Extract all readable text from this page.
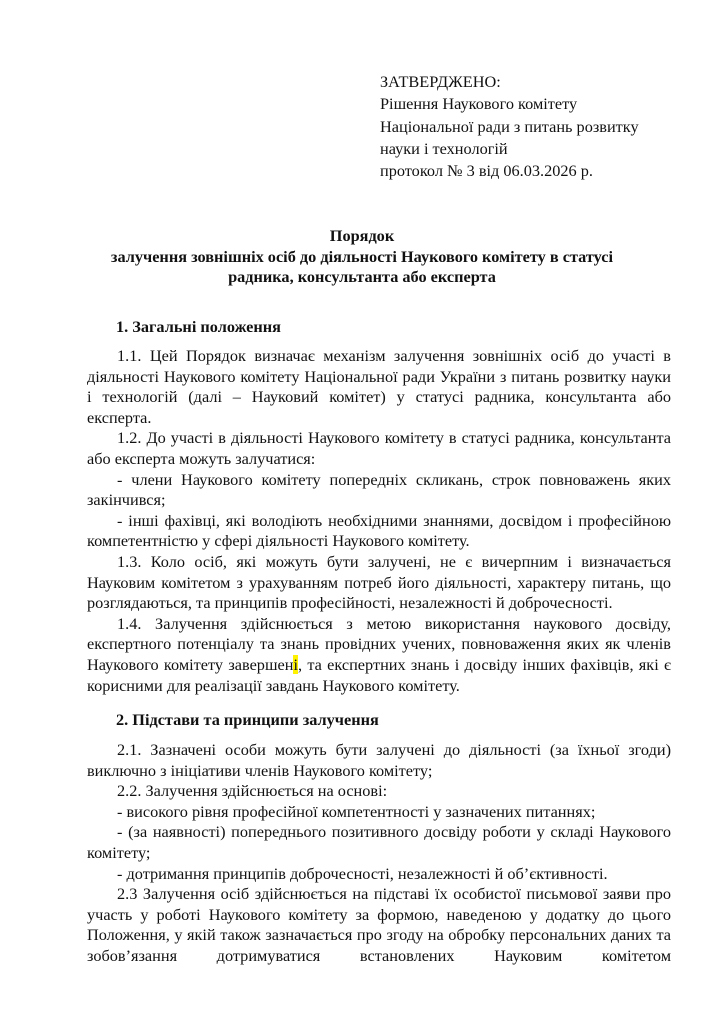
ЗАТВЕРДЖЕНО:
Рішення Наукового комітету
Національної ради з питань розвитку
науки і технологій
протокол № 3 від 06.03.2026 р.
Порядок
залучення зовнішніх осіб до діяльності Наукового комітету в статусі
радника, консультанта або експерта
1. Загальні положення

1.1. Цей Порядок визначає механізм залучення зовнішніх осіб до участі в діяльності Наукового комітету Національної ради України з питань розвитку науки і технологій (далі – Науковий комітет) у статусі радника, консультанта або експерта.

1.2. До участі в діяльності Наукового комітету в статусі радника, консультанта або експерта можуть залучатися:

- члени Наукового комітету попередніх скликань, строк повноважень яких закінчився;

- інші фахівці, які володіють необхідними знаннями, досвідом і професійною компетентністю у сфері діяльності Наукового комітету.

1.3. Коло осіб, які можуть бути залучені, не є вичерпним і визначається Науковим комітетом з урахуванням потреб його діяльності, характеру питань, що розглядаються, та принципів професійності, незалежності й доброчесності.

1.4. Залучення здійснюється з метою використання наукового досвіду, експертного потенціалу та знань провідних учених, повноваження яких як членів Наукового комітету завершені, та експертних знань і досвіду інших фахівців, які є корисними для реалізації завдань Наукового комітету.

2. Підстави та принципи залучення

2.1. Зазначені особи можуть бути залучені до діяльності (за їхньої згоди) виключно з ініціативи членів Наукового комітету;

2.2. Залучення здійснюється на основі:

- високого рівня професійної компетентності у зазначених питаннях;

- (за наявності) попереднього позитивного досвіду роботи у складі Наукового комітету;

- дотримання принципів доброчесності, незалежності й об’єктивності.

2.3 Залучення осіб здійснюється на підставі їх особистої письмової заяви про участь у роботі Наукового комітету за формою, наведеною у додатку до цього Положення, у якій також зазначається про згоду на обробку персональних даних та зобов’язання дотримуватися встановлених Науковим комітетом
